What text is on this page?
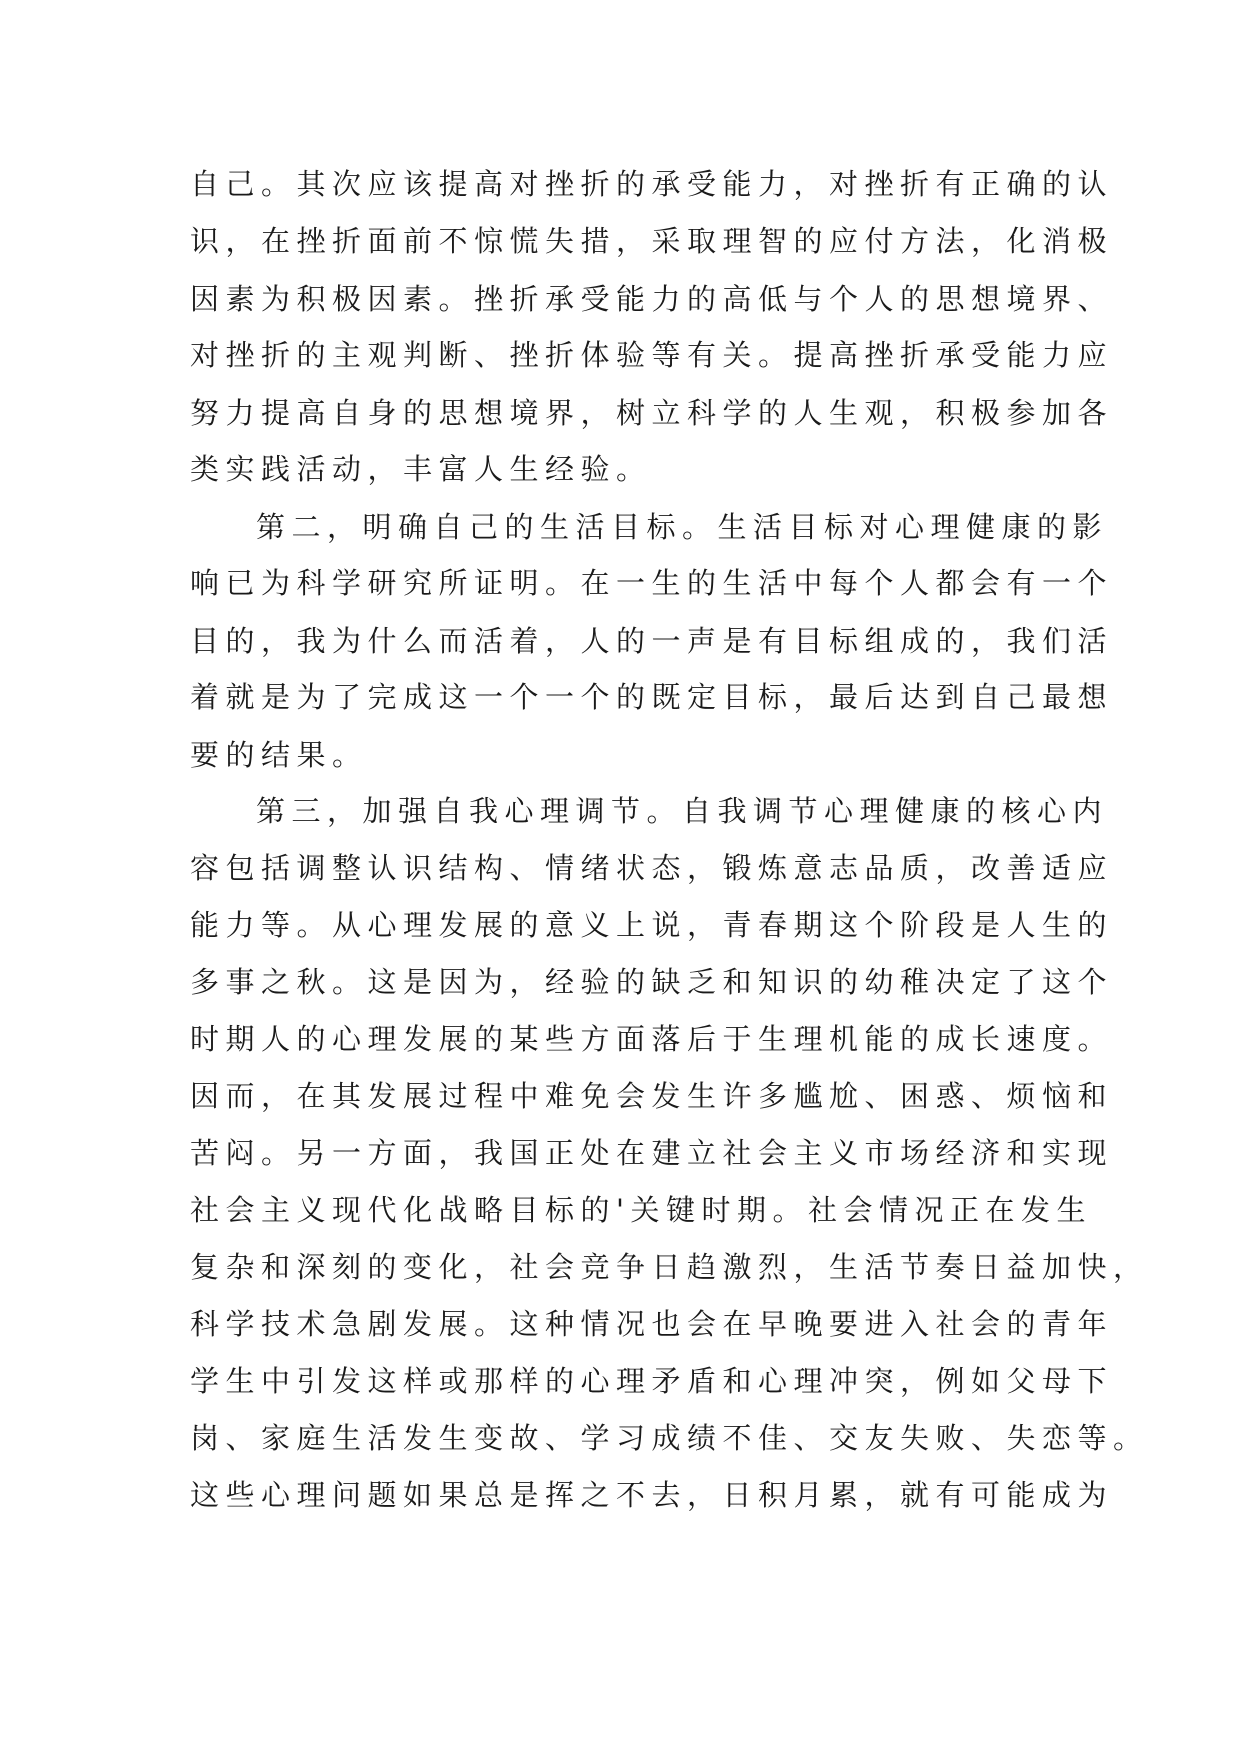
自己。其次应该提高对挫折的承受能力，对挫折有正确的认
识，在挫折面前不惊慌失措，采取理智的应付方法，化消极
因素为积极因素。挫折承受能力的高低与个人的思想境界、
对挫折的主观判断、挫折体验等有关。提高挫折承受能力应
努力提高自身的思想境界，树立科学的人生观，积极参加各
类实践活动，丰富人生经验。
第二，明确自己的生活目标。生活目标对心理健康的影
响已为科学研究所证明。在一生的生活中每个人都会有一个
目的，我为什么而活着，人的一声是有目标组成的，我们活
着就是为了完成这一个一个的既定目标，最后达到自己最想
要的结果。
第三，加强自我心理调节。自我调节心理健康的核心内
容包括调整认识结构、情绪状态，锻炼意志品质，改善适应
能力等。从心理发展的意义上说，青春期这个阶段是人生的
多事之秋。这是因为，经验的缺乏和知识的幼稚决定了这个
时期人的心理发展的某些方面落后于生理机能的成长速度。
因而，在其发展过程中难免会发生许多尴尬、困惑、烦恼和
苦闷。另一方面，我国正处在建立社会主义市场经济和实现
社会主义现代化战略目标的'关键时期。社会情况正在发生
复杂和深刻的变化，社会竞争日趋激烈，生活节奏日益加快，
科学技术急剧发展。这种情况也会在早晚要进入社会的青年
学生中引发这样或那样的心理矛盾和心理冲突，例如父母下
岗、家庭生活发生变故、学习成绩不佳、交友失败、失恋等。
这些心理问题如果总是挥之不去，日积月累，就有可能成为
